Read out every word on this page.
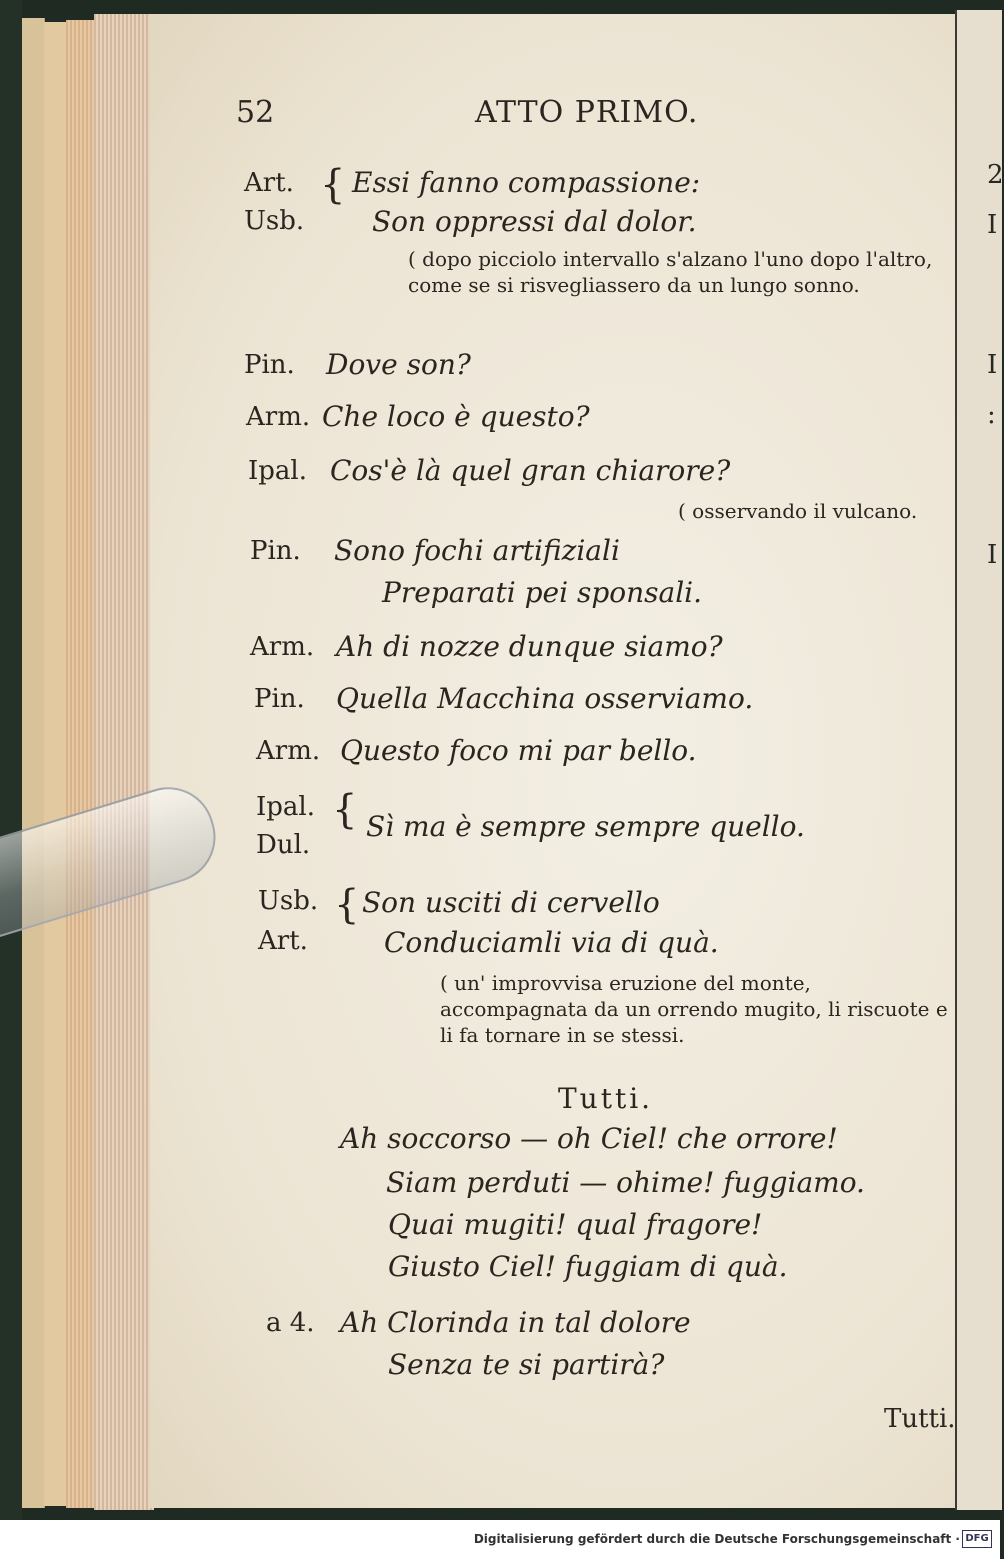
2
I
I
:
I
52	ATTO PRIMO.
Art.
Usb.
{ Essi fanno compassione:
Son oppressi dal dolor.
( dopo picciolo intervallo s'alzano l'uno dopo l'altro, come se si risvegliassero da un lungo sonno.
Pin. Dove son?
Arm. Che loco è questo?
Ipal. Cos'è là quel gran chiarore?
( osservando il vulcano.
Pin. Sono fochi artifiziali
Preparati pei sponsali.
Arm. Ah di nozze dunque siamo?
Pin. Quella Macchina osserviamo.
Arm. Questo foco mi par bello.
Ipal.
Dul.
{ Sì ma è sempre sempre quello.
Usb.
Art.
{ Son usciti di cervello
Conduciamli via di quà.
( un' improvvisa eruzione del monte, accompagnata da un orrendo mugito, li riscuote e li fa tornare in se stessi.
Tutti.
Ah soccorso — oh Ciel! che orrore!
Siam perduti — ohime! fuggiamo.
Quai mugiti! qual fragore!
Giusto Ciel! fuggiam di quà.
a 4. Ah Clorinda in tal dolore
Senza te si partirà?
Tutti.
Digitalisierung gefördert durch die Deutsche Forschungsgemeinschaft · DFG
